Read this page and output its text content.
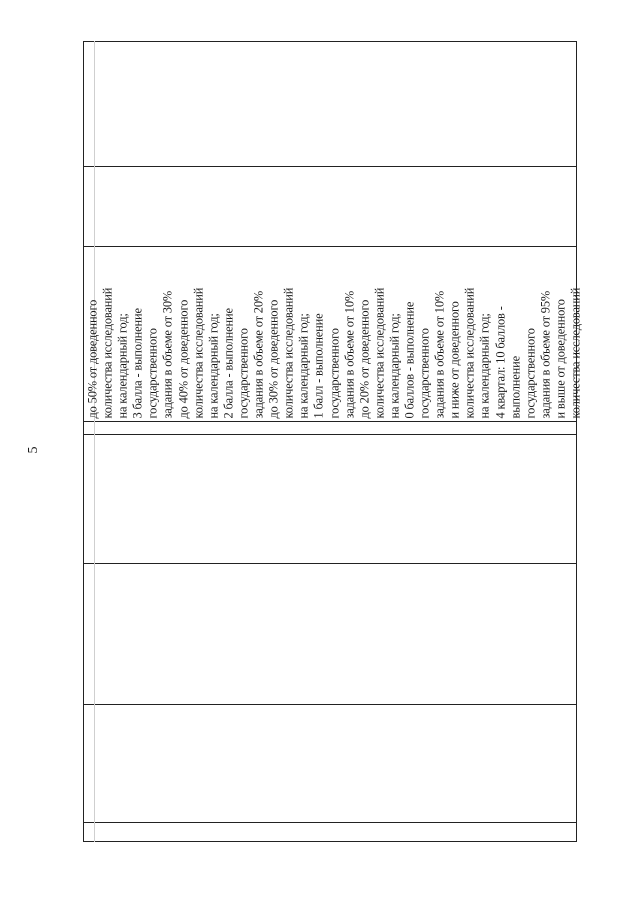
5
до 50% от доведенного количества исследований на календарный год; 3 балла - выполнение государственного задания в объеме от 30% до 40% от доведенного количества исследований на календарный год; 2 балла - выполнение государственного задания в объеме от 20% до 30% от доведенного количества исследований на календарный год; 1 балл - выполнение государственного задания в объеме от 10% до 20% от доведенного количества исследований на календарный год; 0 баллов - выполнение государственного задания в объеме от 10% и ниже от доведенного количества исследований на календарный год; 4 квартал: 10 баллов - выполнение государственного задания в объеме от 95% и выше от доведенного количества исследований
